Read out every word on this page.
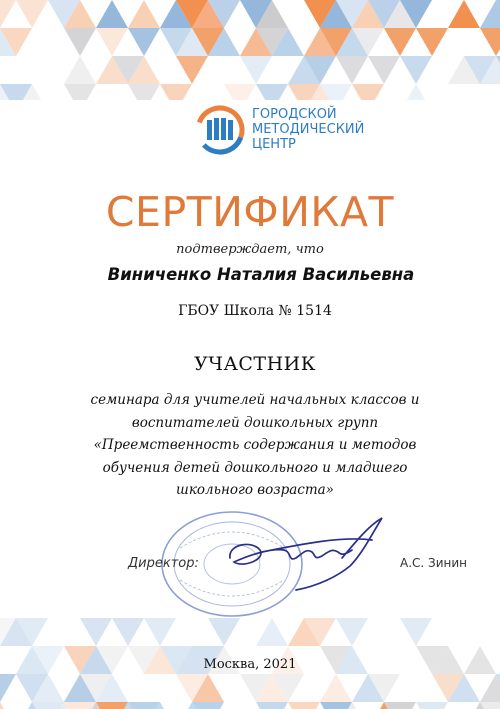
ГОРОДСКОЙ
МЕТОДИЧЕСКИЙ
ЦЕНТР
СЕРТИФИКАТ
подтверждает, что
Виниченко Наталия Васильевна
ГБОУ Школа № 1514
УЧАСТНИК
семинара для учителей начальных классов и
воспитателей дошкольных групп
«Преемственность содержания и методов
обучения детей дошкольного и младшего
школьного возраста»
Директор:	А.С. Зинин
Москва, 2021
